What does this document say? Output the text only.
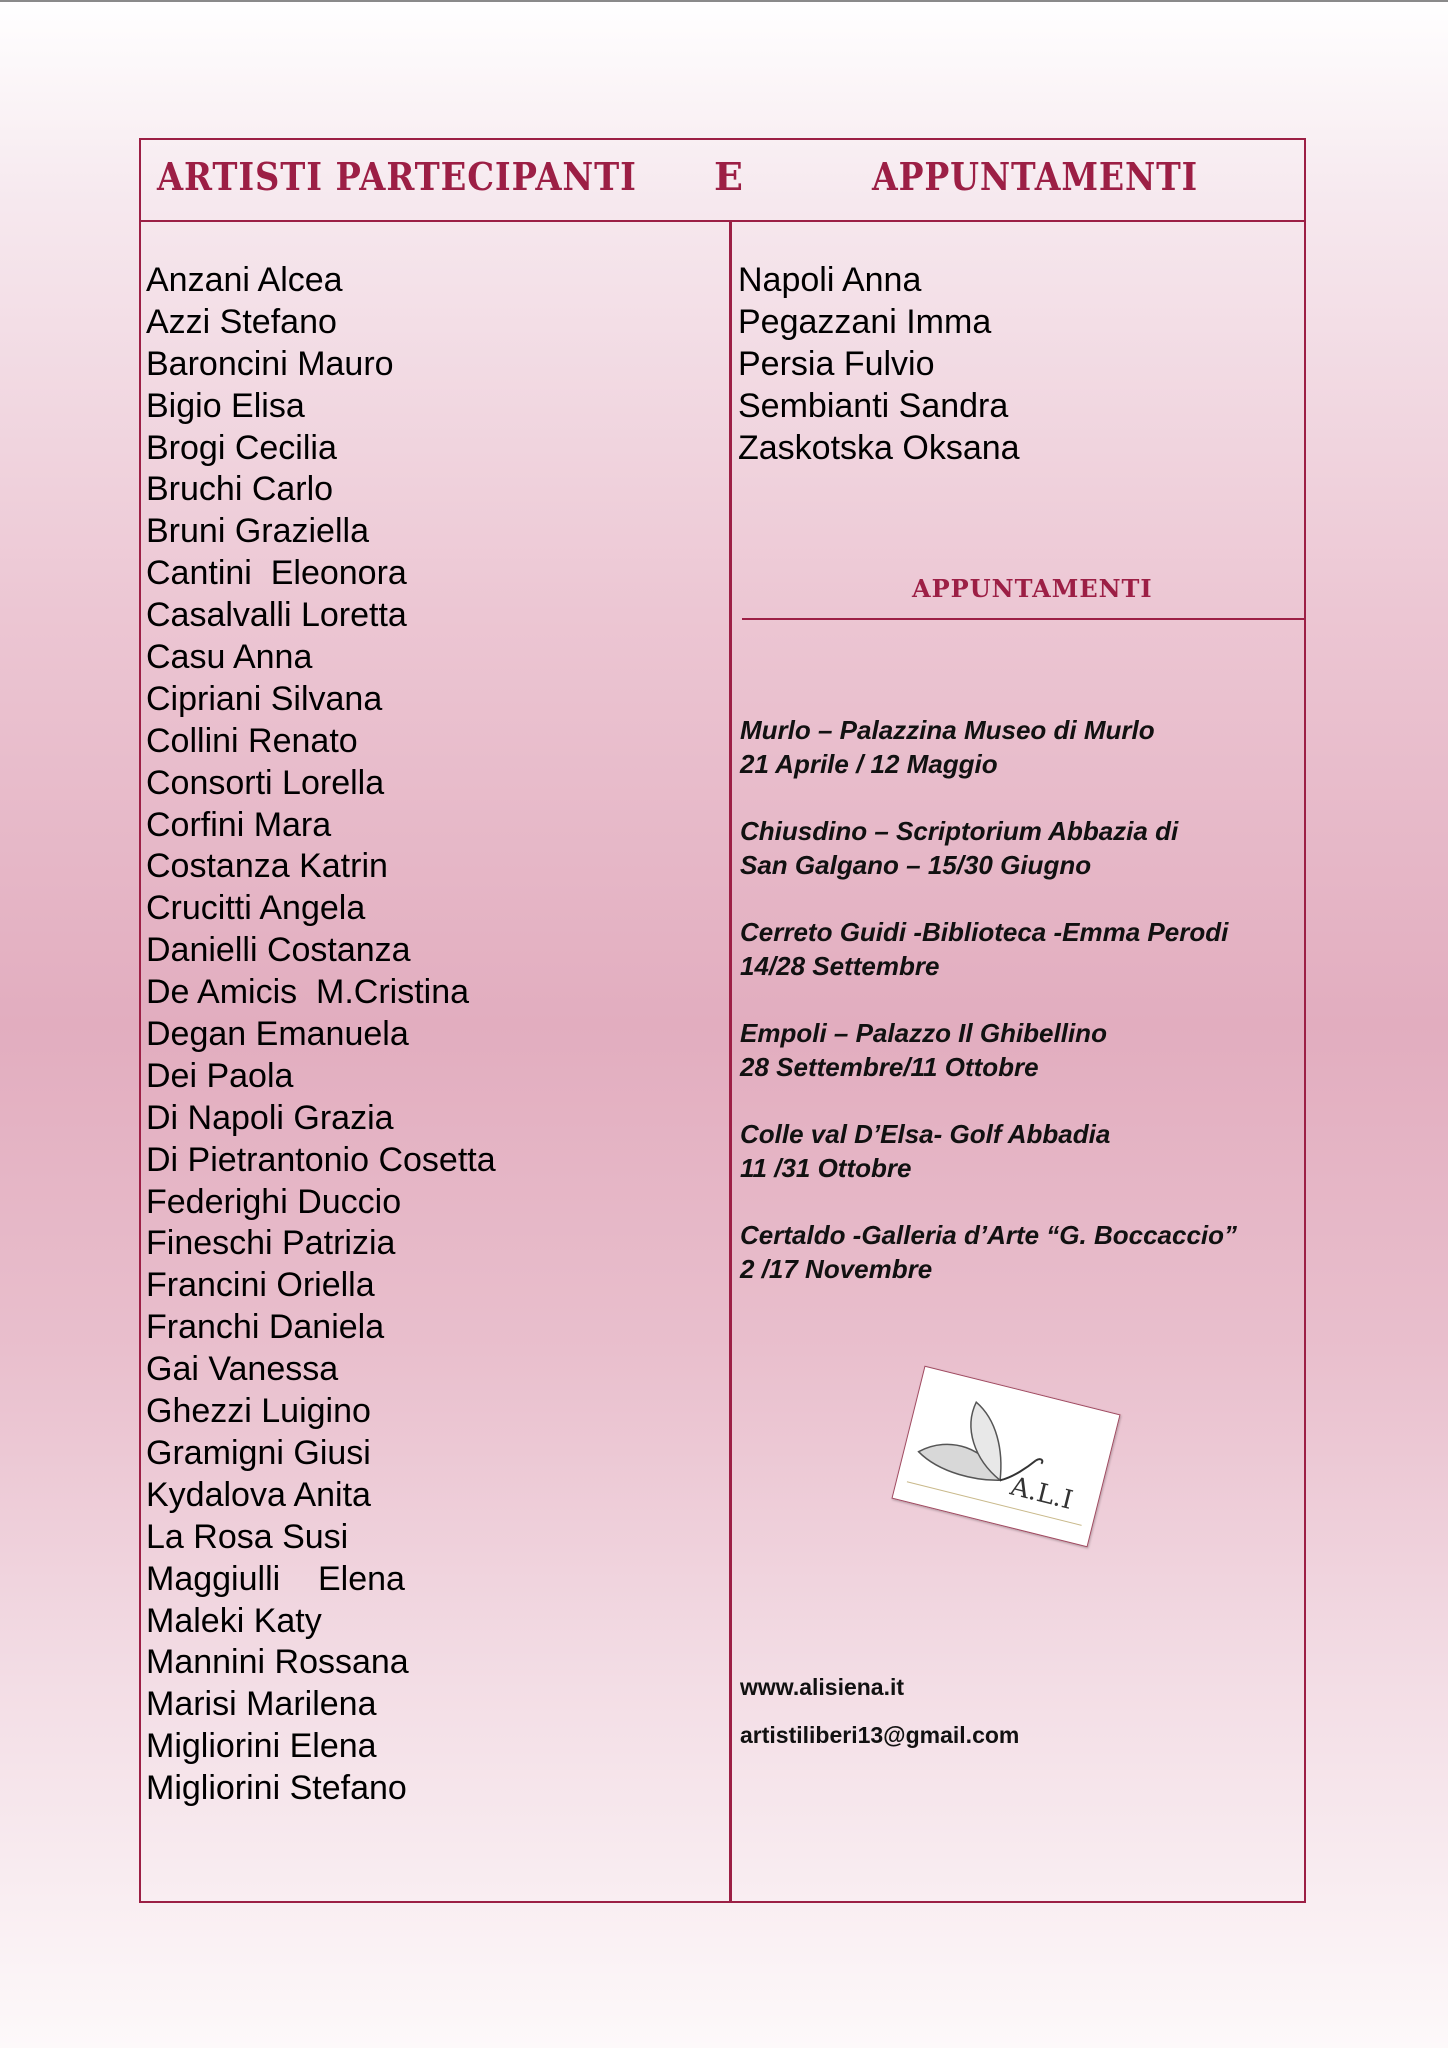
ARTISTI PARTECIPANTI E	APPUNTAMENTI
Anzani Alcea
Azzi Stefano
Baroncini Mauro
Bigio Elisa
Brogi Cecilia
Bruchi Carlo
Bruni Graziella
Cantini  Eleonora
Casalvalli Loretta
Casu Anna
Cipriani Silvana
Collini Renato
Consorti Lorella
Corfini Mara
Costanza Katrin
Crucitti Angela
Danielli Costanza
De Amicis  M.Cristina
Degan Emanuela
Dei Paola
Di Napoli Grazia
Di Pietrantonio Cosetta
Federighi Duccio
Fineschi Patrizia
Francini Oriella
Franchi Daniela
Gai Vanessa
Ghezzi Luigino
Gramigni Giusi
Kydalova Anita
La Rosa Susi
Maggiulli    Elena
Maleki Katy
Mannini Rossana
Marisi Marilena
Migliorini Elena
Migliorini Stefano
Napoli Anna
Pegazzani Imma
Persia Fulvio
Sembianti Sandra
Zaskotska Oksana
APPUNTAMENTI
Murlo – Palazzina Museo di Murlo
21 Aprile / 12 Maggio
Chiusdino – Scriptorium Abbazia di
San Galgano – 15/30 Giugno
Cerreto Guidi -Biblioteca -Emma Perodi
14/28 Settembre
Empoli – Palazzo Il Ghibellino
28 Settembre/11 Ottobre
Colle val D’Elsa- Golf Abbadia
11 /31 Ottobre
Certaldo -Galleria d’Arte “G. Boccaccio”
2 /17 Novembre
A.L.I
www.alisiena.it
artistiliberi13@gmail.com
